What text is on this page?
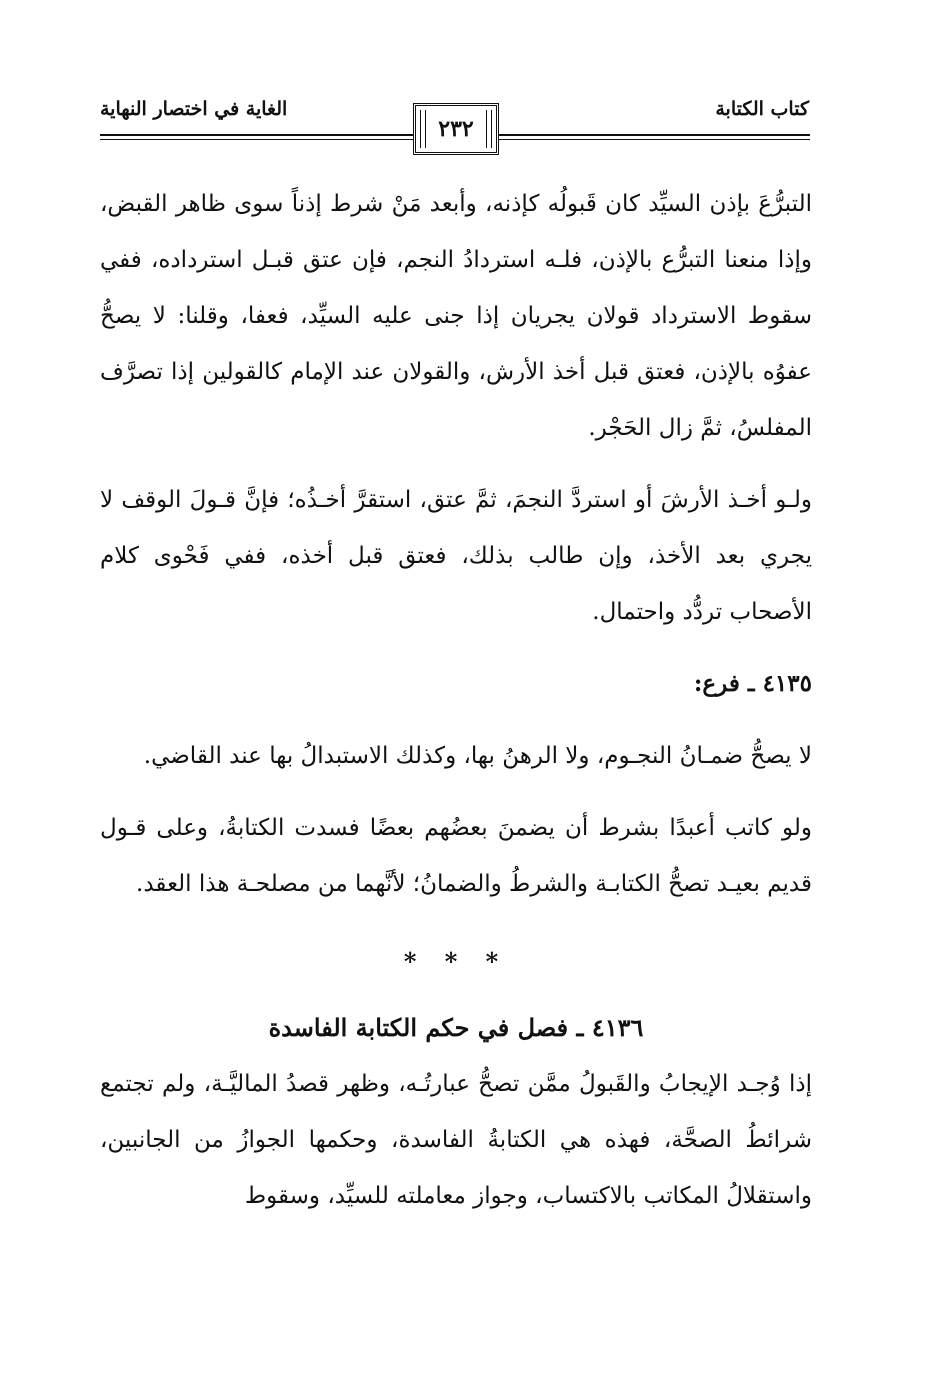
كتاب الكتابة
الغاية في اختصار النهاية
٢٣٢

التبرُّعَ بإذن السيِّد كان قَبولُه كإذنه، وأبعد مَنْ شرط إذناً سوى ظاهر القبض، وإذا منعنا التبرُّع بالإذن، فلـه استردادُ النجم، فإن عتق قبـل استرداده، ففي سقوط الاسترداد قولان يجريان إذا جنى عليه السيِّد، فعفا، وقلنا: لا يصحُّ عفوُه بالإذن، فعتق قبل أخذ الأرش، والقولان عند الإمام كالقولين إذا تصرَّف المفلسُ، ثمَّ زال الحَجْر.

ولـو أخـذ الأرشَ أو استردَّ النجمَ، ثمَّ عتق، استقرَّ أخـذُه؛ فإنَّ قـولَ الوقف لا يجري بعد الأخذ، وإن طالب بذلك، فعتق قبل أخذه، ففي فَحْوى كلام الأصحاب تردُّد واحتمال.

٤١٣٥ ـ فرع:

لا يصحُّ ضمـانُ النجـوم، ولا الرهنُ بها، وكذلك الاستبدالُ بها عند القاضي.

ولو كاتب أعبدًا بشرط أن يضمنَ بعضُهم بعضًا فسدت الكتابةُ، وعلى قـول قديم بعيـد تصحُّ الكتابـة والشرطُ والضمانُ؛ لأنَّهما من مصلحـة هذا العقد.

* * *

٤١٣٦ ـ فصل في حكم الكتابة الفاسدة

إذا وُجـد الإيجابُ والقَبولُ ممَّن تصحُّ عبارتُـه، وظهر قصدُ الماليَّـة، ولم تجتمع شرائطُ الصحَّة، فهذه هي الكتابةُ الفاسدة، وحكمها الجوازُ من الجانبين، واستقلالُ المكاتب بالاكتساب، وجواز معاملته للسيِّد، وسقوط
